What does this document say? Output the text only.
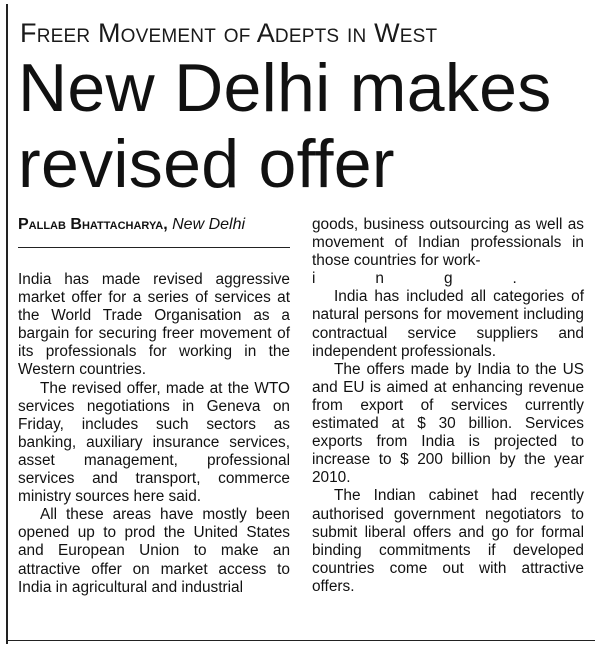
Freer Movement of Adepts in West
New Delhi makes revised offer
Pallab Bhattacharya, New Delhi

India has made revised aggressive market offer for a series of services at the World Trade Organisation as a bargain for securing freer movement of its professionals for working in the Western countries.

The revised offer, made at the WTO services negotiations in Geneva on Friday, includes such sectors as banking, auxiliary insurance services, asset management, professional services and transport, commerce ministry sources here said.

All these areas have mostly been opened up to prod the United States and European Union to make an attractive offer on market access to India in agricultural and industrial

goods, business outsourcing as well as movement of Indian professionals in those countries for work-
ing.

India has included all categories of natural persons for movement including contractual service suppliers and independent professionals.

The offers made by India to the US and EU is aimed at enhancing revenue from export of services currently estimated at $ 30 billion. Services exports from India is projected to increase to $ 200 billion by the year 2010.

The Indian cabinet had recently authorised government negotiators to submit liberal offers and go for formal binding commitments if developed countries come out with attractive offers.
